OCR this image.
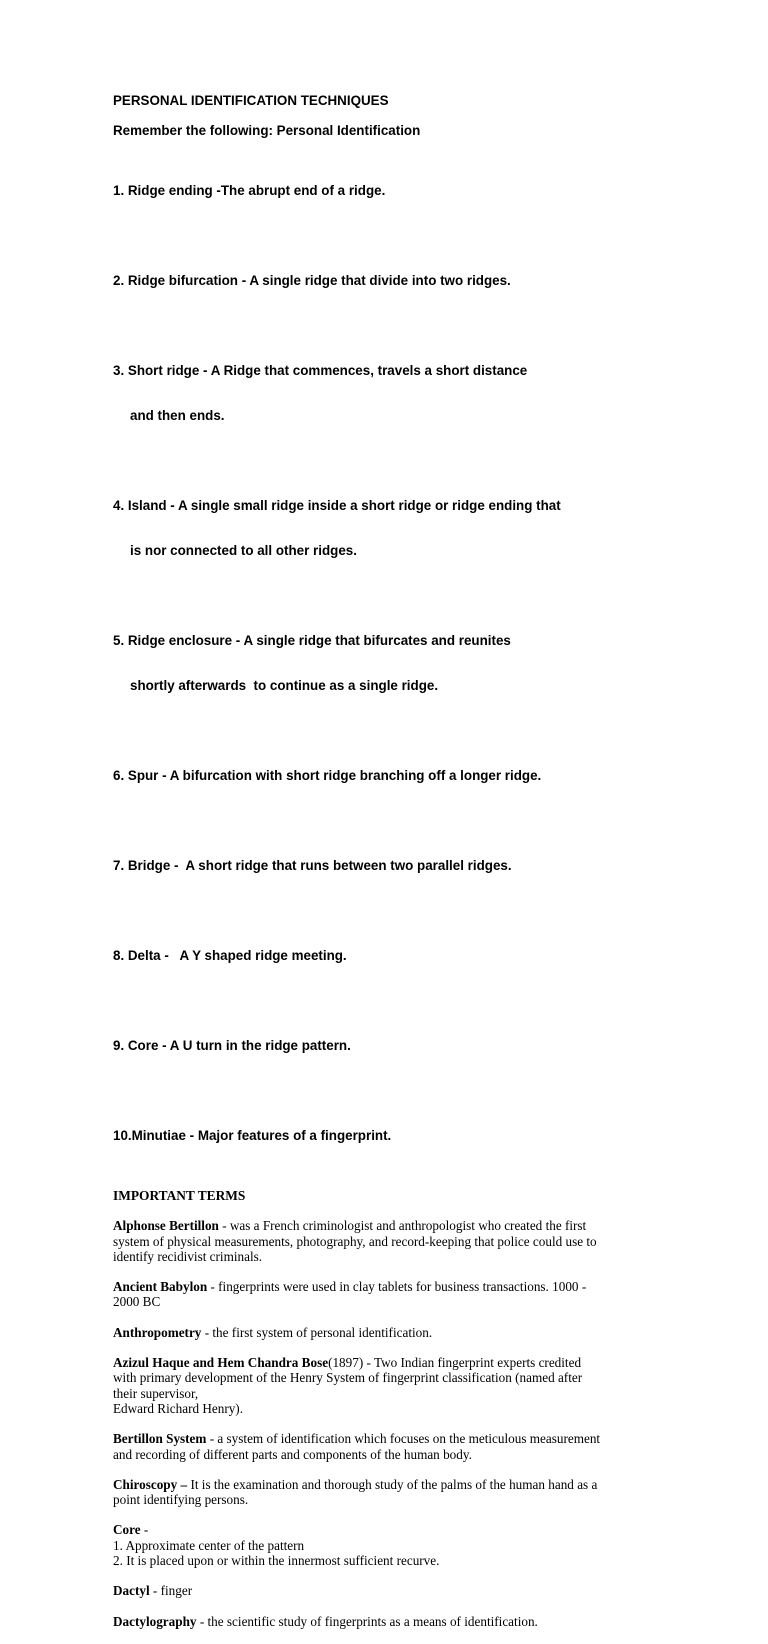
PERSONAL IDENTIFICATION TECHNIQUES
Remember the following: Personal Identification

1. Ridge ending -The abrupt end of a ridge.

2. Ridge bifurcation - A single ridge that divide into two ridges.

3. Short ridge - A Ridge that commences, travels a short distance

and then ends.

4. Island - A single small ridge inside a short ridge or ridge ending that

is nor connected to all other ridges.

5. Ridge enclosure - A single ridge that bifurcates and reunites

shortly afterwards  to continue as a single ridge.

6. Spur - A bifurcation with short ridge branching off a longer ridge.

7. Bridge -  A short ridge that runs between two parallel ridges.

8. Delta -   A Y shaped ridge meeting.

9. Core - A U turn in the ridge pattern.

10.Minutiae - Major features of a fingerprint.

IMPORTANT TERMS
Alphonse Bertillon - was a French criminologist and anthropologist who created the first
system of physical measurements, photography, and record-keeping that police could use to
identify recidivist criminals.
Ancient Babylon - fingerprints were used in clay tablets for business transactions. 1000 -
2000 BC
Anthropometry - the first system of personal identification.
Azizul Haque and Hem Chandra Bose(1897) - Two Indian fingerprint experts credited
with primary development of the Henry System of fingerprint classification (named after
their supervisor,
Edward Richard Henry).
Bertillon System - a system of identification which focuses on the meticulous measurement
and recording of different parts and components of the human body.
Chiroscopy – It is the examination and thorough study of the palms of the human hand as a
point identifying persons.
Core -
1. Approximate center of the pattern
2. It is placed upon or within the innermost sufficient recurve.
Dactyl - finger
Dactylography - the scientific study of fingerprints as a means of identification.
